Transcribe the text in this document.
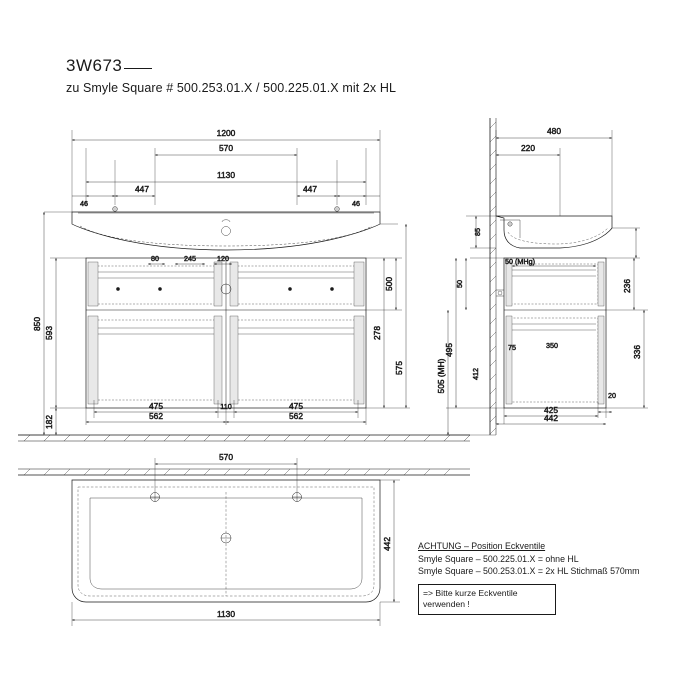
1200
570
1130
447	447
46	46
80	245	120
593
850
182
500
278
575
475	475
110
562	562
480
220
85
50
495
505 (MH)	412
236
336
50 (MHg)
75	350
20
425
442
570
442
1130
3W673
zu Smyle Square # 500.253.01.X / 500.225.01.X mit 2x HL
ACHTUNG – Position Eckventile
Smyle Square – 500.225.01.X = ohne HL
Smyle Square – 500.253.01.X = 2x HL Stichmaß 570mm
=> Bitte kurze Eckventile
verwenden !
